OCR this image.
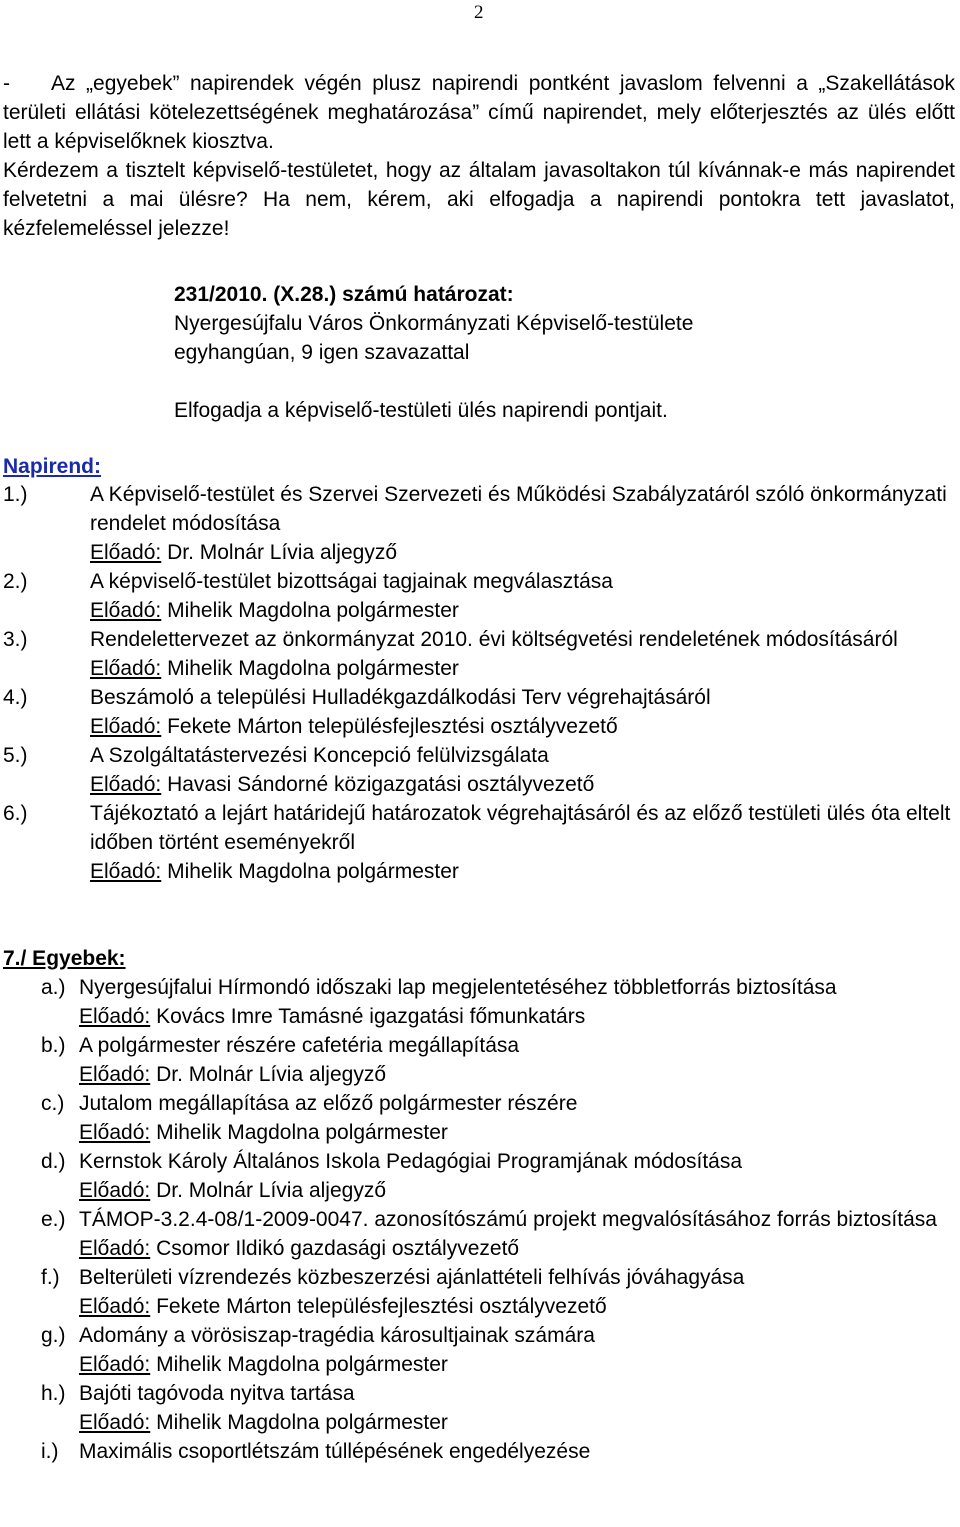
2

- Az „egyebek” napirendek végén plusz napirendi pontként javaslom felvenni a „Szakellátások területi ellátási kötelezettségének meghatározása” című napirendet, mely előterjesztés az ülés előtt lett a képviselőknek kiosztva.

Kérdezem a tisztelt képviselő-testületet, hogy az általam javasoltakon túl kívánnak-e más napirendet felvetetni a mai ülésre? Ha nem, kérem, aki elfogadja a napirendi pontokra tett javaslatot, kézfelemeléssel jelezze!

231/2010. (X.28.) számú határozat:
Nyergesújfalu Város Önkormányzati Képviselő-testülete
egyhangúan, 9 igen szavazattal
Elfogadja a képviselő-testületi ülés napirendi pontjait.
Napirend:
1.)	A Képviselő-testület és Szervei Szervezeti és Működési Szabályzatáról szóló önkormányzati rendelet módosítása
Előadó: Dr. Molnár Lívia aljegyző
2.)	A képviselő-testület bizottságai tagjainak megválasztása
Előadó: Mihelik Magdolna polgármester
3.)	Rendelettervezet az önkormányzat 2010. évi költségvetési rendeletének módosításáról
Előadó: Mihelik Magdolna polgármester
4.)	Beszámoló a települési Hulladékgazdálkodási Terv végrehajtásáról
Előadó: Fekete Márton településfejlesztési osztályvezető
5.)	A Szolgáltatástervezési Koncepció felülvizsgálata
Előadó: Havasi Sándorné közigazgatási osztályvezető
6.)	Tájékoztató a lejárt határidejű határozatok végrehajtásáról és az előző testületi ülés óta eltelt időben történt eseményekről
Előadó: Mihelik Magdolna polgármester
7./ Egyebek:
a.) Nyergesújfalui Hírmondó időszaki lap megjelentetéséhez többletforrás biztosítása
Előadó: Kovács Imre Tamásné igazgatási főmunkatárs
b.) A polgármester részére cafetéria megállapítása
Előadó: Dr. Molnár Lívia aljegyző
c.) Jutalom megállapítása az előző polgármester részére
Előadó: Mihelik Magdolna polgármester
d.) Kernstok Károly Általános Iskola Pedagógiai Programjának módosítása
Előadó: Dr. Molnár Lívia aljegyző
e.) TÁMOP-3.2.4-08/1-2009-0047. azonosítószámú projekt megvalósításához forrás biztosítása
Előadó: Csomor Ildikó gazdasági osztályvezető
f.) Belterületi vízrendezés közbeszerzési ajánlattételi felhívás jóváhagyása
Előadó: Fekete Márton településfejlesztési osztályvezető
g.) Adomány a vörösiszap-tragédia károsultjainak számára
Előadó: Mihelik Magdolna polgármester
h.) Bajóti tagóvoda nyitva tartása
Előadó: Mihelik Magdolna polgármester
i.) Maximális csoportlétszám túllépésének engedélyezése
